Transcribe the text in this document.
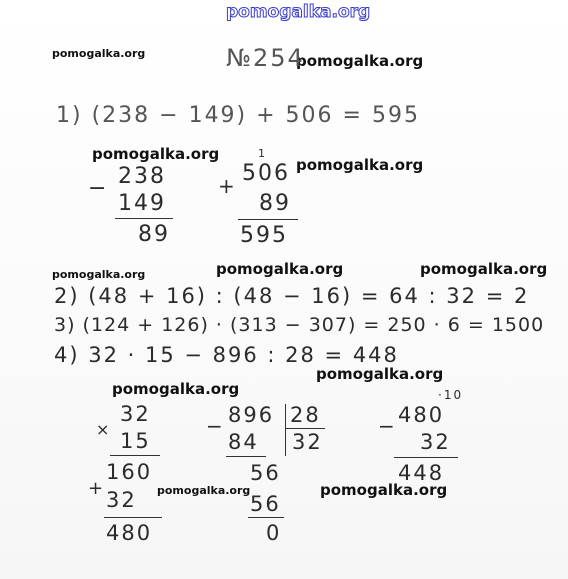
pomogalka.org
pomogalka.org	pomogalka.org
pomogalka.org
pomogalka.org
pomogalka.org	pomogalka.org	pomogalka.org
pomogalka.org
pomogalka.org
pomogalka.org	pomogalka.org
№254
1) (238 − 149) + 506 = 595
− 238
149
89
1
+ 506
89
595
2) (48 + 16) : (48 − 16) = 64 : 32 = 2
3) (124 + 126) · (313 − 307) = 250 · 6 = 1500
4) 32 · 15 − 896 : 28 = 448
×
32
15
+
160
32
480
− 896 28
84 32
56
56
0
·10
− 480
32
448
